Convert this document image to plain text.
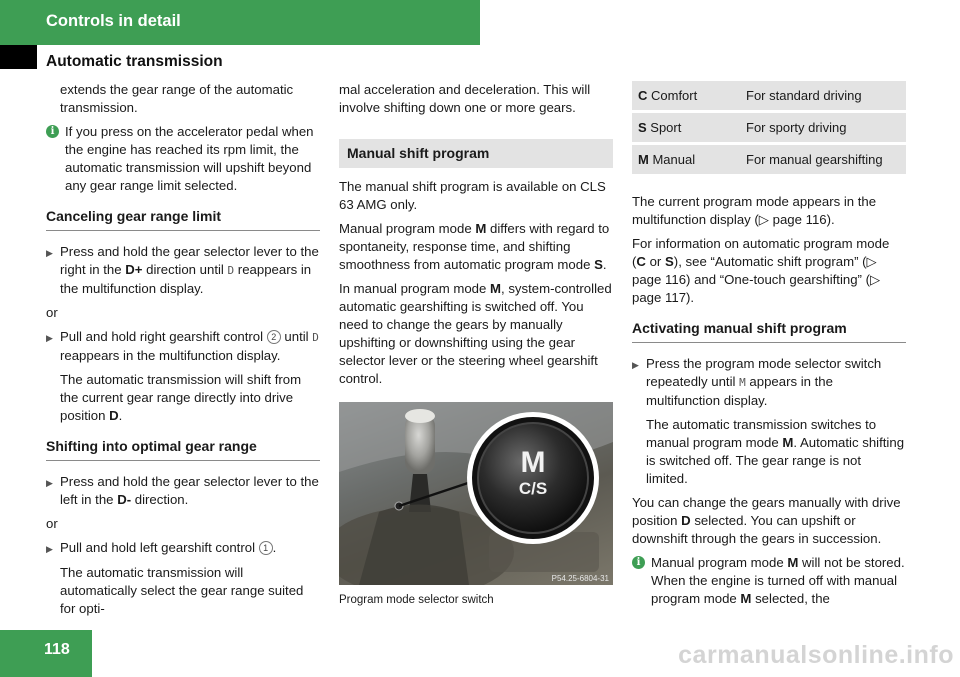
Controls in detail
Automatic transmission

extends the gear range of the automatic transmission.

i If you press on the accelerator pedal when the engine has reached its rpm limit, the automatic transmission will upshift beyond any gear range limit selected.
Canceling gear range limit
▶ Press and hold the gear selector lever to the right in the D+ direction until D reappears in the multifunction display.

or

▶ Pull and hold right gearshift control 2 until D reappears in the multifunction display.

The automatic transmission will shift from the current gear range directly into drive position D.

Shifting into optimal gear range
▶ Press and hold the gear selector lever to the left in the D- direction.

or

▶ Pull and hold left gearshift control 1 .

The automatic transmission will automatically select the gear range suited for opti-

mal acceleration and deceleration. This will involve shifting down one or more gears.

Manual shift program

The manual shift program is available on CLS 63 AMG only.

Manual program mode M differs with regard to spontaneity, response time, and shifting smoothness from automatic program mode S.

In manual program mode M, system-controlled automatic gearshifting is switched off. You need to change the gears by manually upshifting or downshifting using the gear selector lever or the steering wheel gearshift control.

M
C/S
P54.25-6804-31
Program mode selector switch
C Comfort	For standard driving
S Sport	For sporty driving
M Manual	For manual gearshifting

The current program mode appears in the multifunction display (▷ page 116).

For information on automatic program mode (C or S), see “Automatic shift program” (▷ page 116) and “One-touch gearshifting” (▷ page 117).

Activating manual shift program
▶ Press the program mode selector switch repeatedly until M appears in the multifunction display.

The automatic transmission switches to manual program mode M. Automatic shifting is switched off. The gear range is not limited.

You can change the gears manually with drive position D selected. You can upshift or downshift through the gears in succession.

i Manual program mode M will not be stored. When the engine is turned off with manual program mode M selected, the
118	carmanualsonline.info
